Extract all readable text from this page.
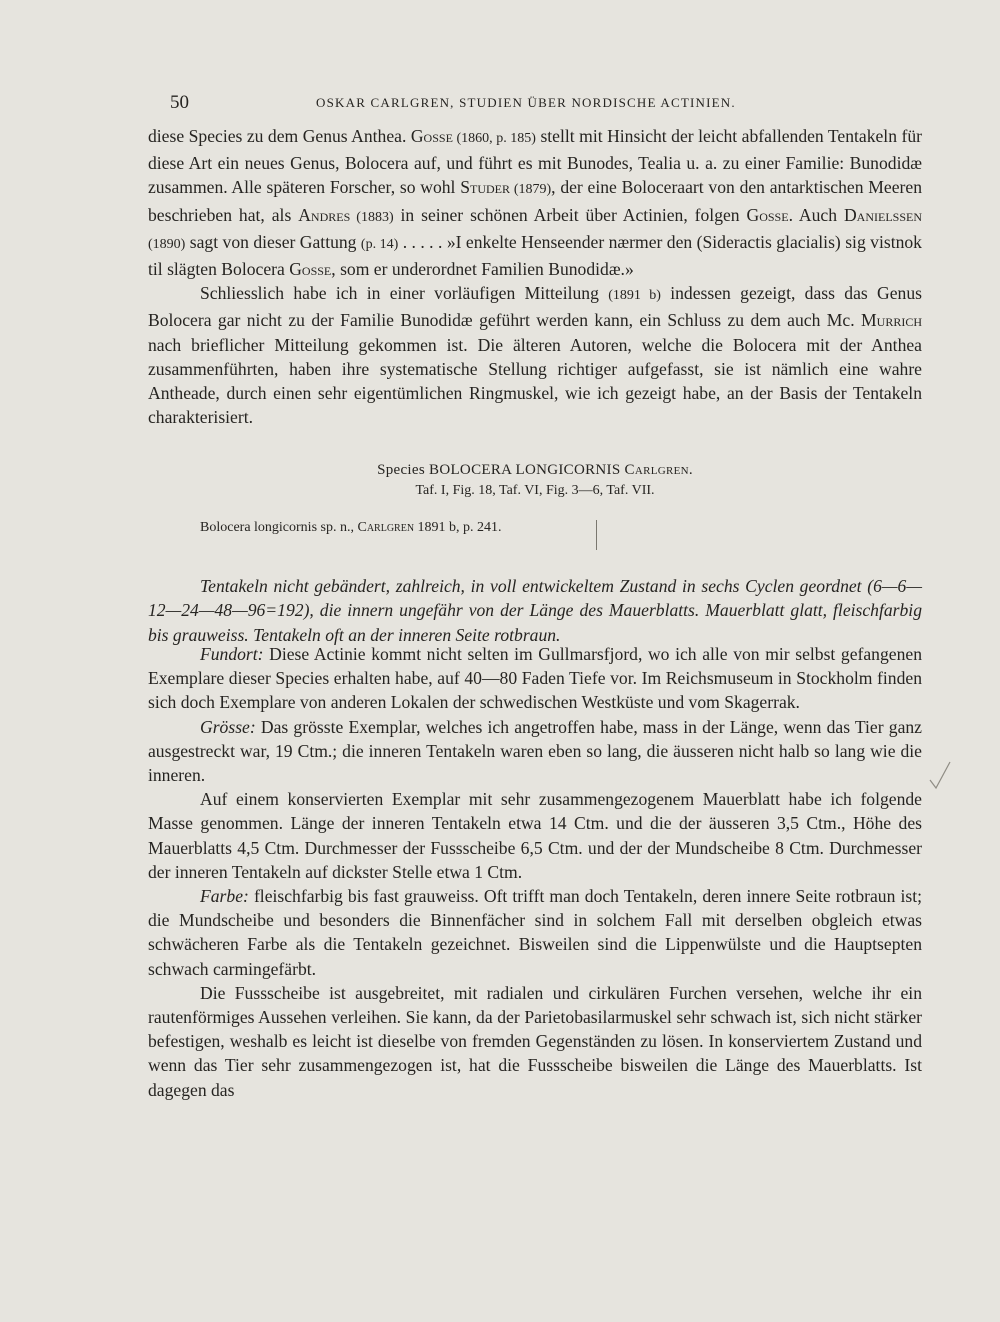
50	OSKAR CARLGREN, STUDIEN ÜBER NORDISCHE ACTINIEN.

diese Species zu dem Genus Anthea. Gosse (1860, p. 185) stellt mit Hinsicht der leicht abfallenden Tentakeln für diese Art ein neues Genus, Bolocera auf, und führt es mit Bunodes, Tealia u. a. zu einer Familie: Bunodidæ zusammen. Alle späteren Forscher, so wohl Studer (1879), der eine Boloceraart von den antarktischen Meeren beschrieben hat, als Andres (1883) in seiner schönen Arbeit über Actinien, folgen Gosse. Auch Danielssen (1890) sagt von dieser Gattung (p. 14) . . . . . »I enkelte Henseender nærmer den (Sideractis glacialis) sig vistnok til slägten Bolocera Gosse, som er underordnet Familien Bunodidæ.»

Schliesslich habe ich in einer vorläufigen Mitteilung (1891 b) indessen gezeigt, dass das Genus Bolocera gar nicht zu der Familie Bunodidæ geführt werden kann, ein Schluss zu dem auch Mc. Murrich nach brieflicher Mitteilung gekommen ist. Die älteren Autoren, welche die Bolocera mit der Anthea zusammenführten, haben ihre systematische Stellung richtiger aufgefasst, sie ist nämlich eine wahre Antheade, durch einen sehr eigentümlichen Ringmuskel, wie ich gezeigt habe, an der Basis der Tentakeln charakterisiert.

Species BOLOCERA LONGICORNIS Carlgren.
Taf. I, Fig. 18, Taf. VI, Fig. 3—6, Taf. VII.
Bolocera longicornis sp. n., Carlgren 1891 b, p. 241.

Tentakeln nicht gebändert, zahlreich, in voll entwickeltem Zustand in sechs Cyclen geordnet (6—6—12—24—48—96=192), die innern ungefähr von der Länge des Mauerblatts. Mauerblatt glatt, fleischfarbig bis grauweiss. Tentakeln oft an der inneren Seite rotbraun.

Fundort: Diese Actinie kommt nicht selten im Gullmarsfjord, wo ich alle von mir selbst gefangenen Exemplare dieser Species erhalten habe, auf 40—80 Faden Tiefe vor. Im Reichsmuseum in Stockholm finden sich doch Exemplare von anderen Lokalen der schwedischen Westküste und vom Skagerrak.

Grösse: Das grösste Exemplar, welches ich angetroffen habe, mass in der Länge, wenn das Tier ganz ausgestreckt war, 19 Ctm.; die inneren Tentakeln waren eben so lang, die äusseren nicht halb so lang wie die inneren.

Auf einem konservierten Exemplar mit sehr zusammengezogenem Mauerblatt habe ich folgende Masse genommen. Länge der inneren Tentakeln etwa 14 Ctm. und die der äusseren 3,5 Ctm., Höhe des Mauerblatts 4,5 Ctm. Durchmesser der Fussscheibe 6,5 Ctm. und der der Mundscheibe 8 Ctm. Durchmesser der inneren Tentakeln auf dickster Stelle etwa 1 Ctm.

Farbe: fleischfarbig bis fast grauweiss. Oft trifft man doch Tentakeln, deren innere Seite rotbraun ist; die Mundscheibe und besonders die Binnenfächer sind in solchem Fall mit derselben obgleich etwas schwächeren Farbe als die Tentakeln gezeichnet. Bisweilen sind die Lippenwülste und die Hauptsepten schwach carmingefärbt.

Die Fussscheibe ist ausgebreitet, mit radialen und cirkulären Furchen versehen, welche ihr ein rautenförmiges Aussehen verleihen. Sie kann, da der Parietobasilarmuskel sehr schwach ist, sich nicht stärker befestigen, weshalb es leicht ist dieselbe von fremden Gegenständen zu lösen. In konserviertem Zustand und wenn das Tier sehr zusammengezogen ist, hat die Fussscheibe bisweilen die Länge des Mauerblatts. Ist dagegen das
